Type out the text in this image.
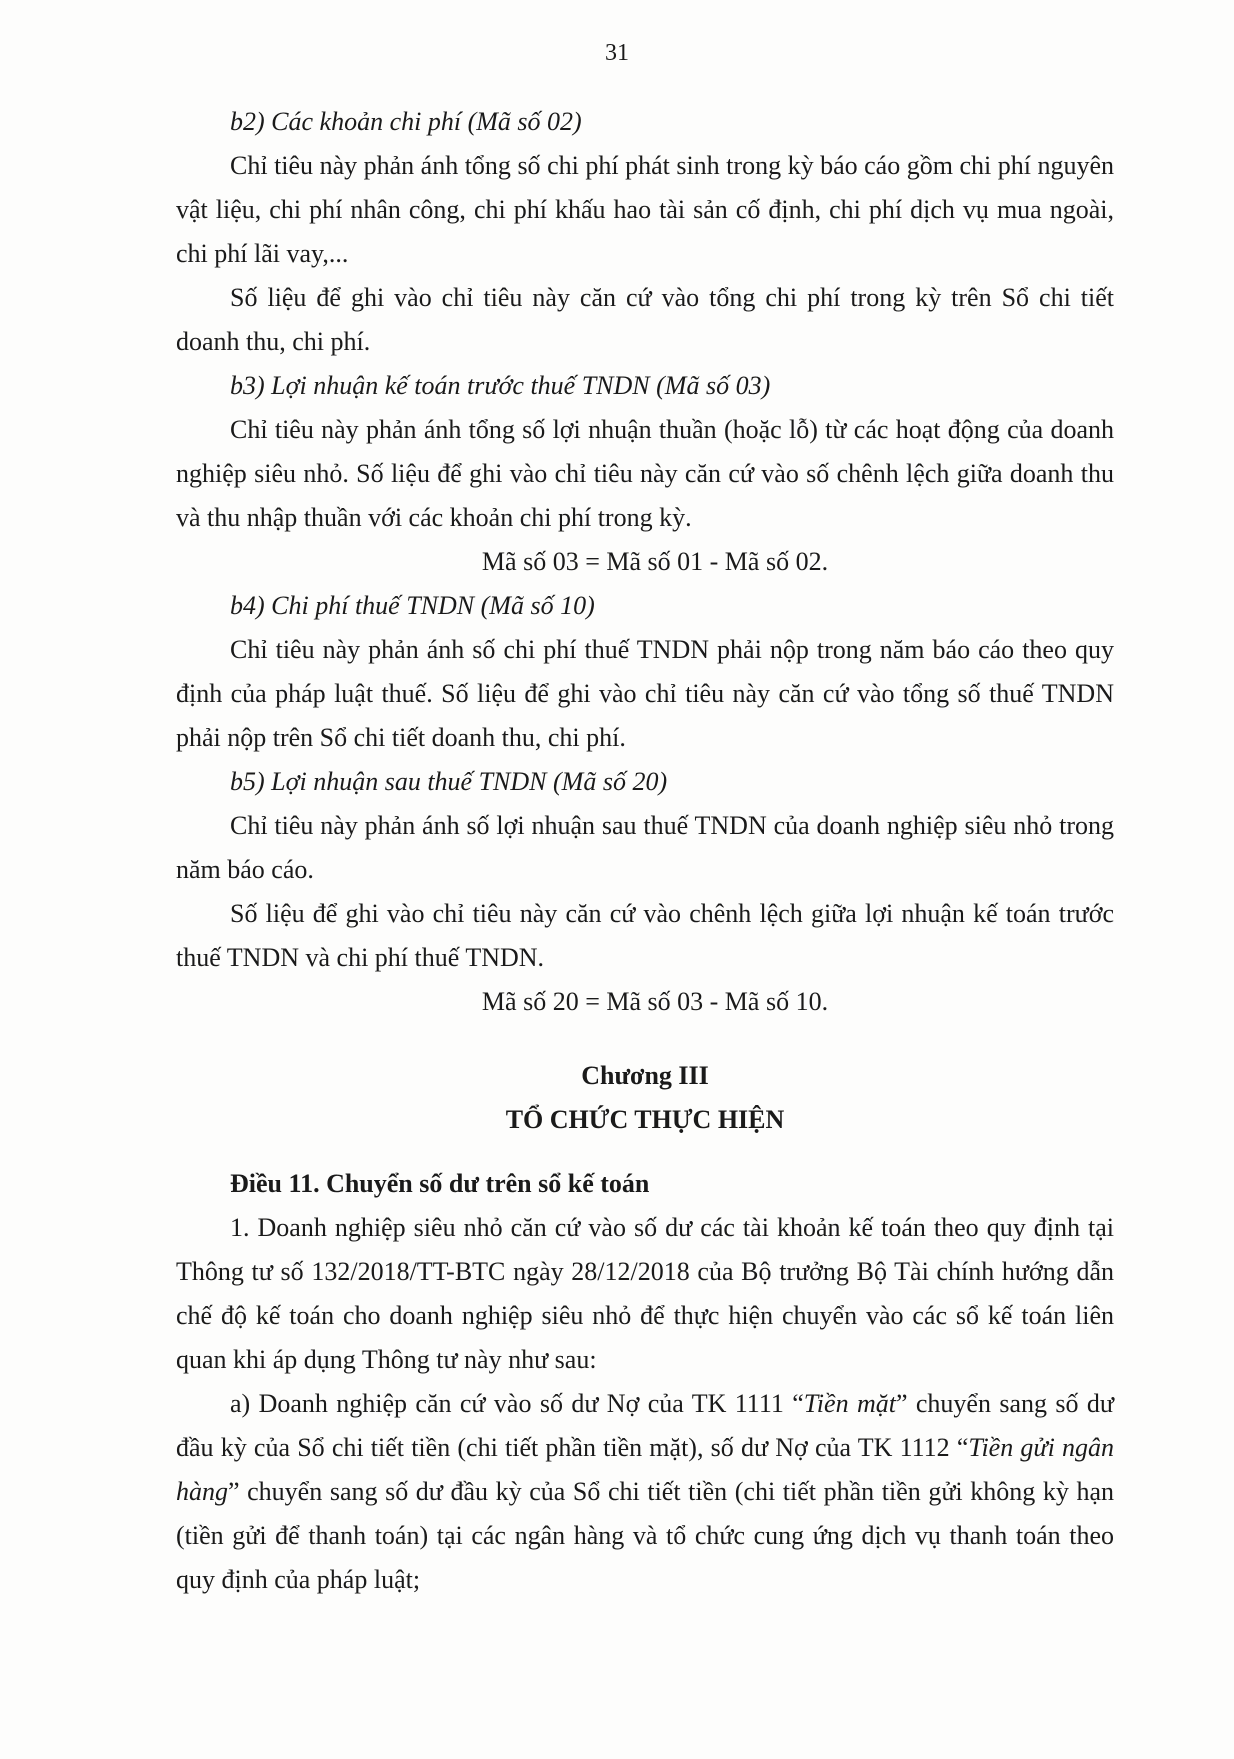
31

b2) Các khoản chi phí (Mã số 02)

Chỉ tiêu này phản ánh tổng số chi phí phát sinh trong kỳ báo cáo gồm chi phí nguyên vật liệu, chi phí nhân công, chi phí khấu hao tài sản cố định, chi phí dịch vụ mua ngoài, chi phí lãi vay,...

Số liệu để ghi vào chỉ tiêu này căn cứ vào tổng chi phí trong kỳ trên Sổ chi tiết doanh thu, chi phí.

b3) Lợi nhuận kế toán trước thuế TNDN (Mã số 03)

Chỉ tiêu này phản ánh tổng số lợi nhuận thuần (hoặc lỗ) từ các hoạt động của doanh nghiệp siêu nhỏ. Số liệu để ghi vào chỉ tiêu này căn cứ vào số chênh lệch giữa doanh thu và thu nhập thuần với các khoản chi phí trong kỳ.

Mã số 03 = Mã số 01 - Mã số 02.

b4) Chi phí thuế TNDN (Mã số 10)

Chỉ tiêu này phản ánh số chi phí thuế TNDN phải nộp trong năm báo cáo theo quy định của pháp luật thuế. Số liệu để ghi vào chỉ tiêu này căn cứ vào tổng số thuế TNDN phải nộp trên Sổ chi tiết doanh thu, chi phí.

b5) Lợi nhuận sau thuế TNDN (Mã số 20)

Chỉ tiêu này phản ánh số lợi nhuận sau thuế TNDN của doanh nghiệp siêu nhỏ trong năm báo cáo.

Số liệu để ghi vào chỉ tiêu này căn cứ vào chênh lệch giữa lợi nhuận kế toán trước thuế TNDN và chi phí thuế TNDN.

Mã số 20 = Mã số 03 - Mã số 10.

Chương III

TỔ CHỨC THỰC HIỆN

Điều 11. Chuyển số dư trên sổ kế toán

1. Doanh nghiệp siêu nhỏ căn cứ vào số dư các tài khoản kế toán theo quy định tại Thông tư số 132/2018/TT-BTC ngày 28/12/2018 của Bộ trưởng Bộ Tài chính hướng dẫn chế độ kế toán cho doanh nghiệp siêu nhỏ để thực hiện chuyển vào các sổ kế toán liên quan khi áp dụng Thông tư này như sau:

a) Doanh nghiệp căn cứ vào số dư Nợ của TK 1111 “Tiền mặt” chuyển sang số dư đầu kỳ của Sổ chi tiết tiền (chi tiết phần tiền mặt), số dư Nợ của TK 1112 “Tiền gửi ngân hàng” chuyển sang số dư đầu kỳ của Sổ chi tiết tiền (chi tiết phần tiền gửi không kỳ hạn (tiền gửi để thanh toán) tại các ngân hàng và tổ chức cung ứng dịch vụ thanh toán theo quy định của pháp luật;
